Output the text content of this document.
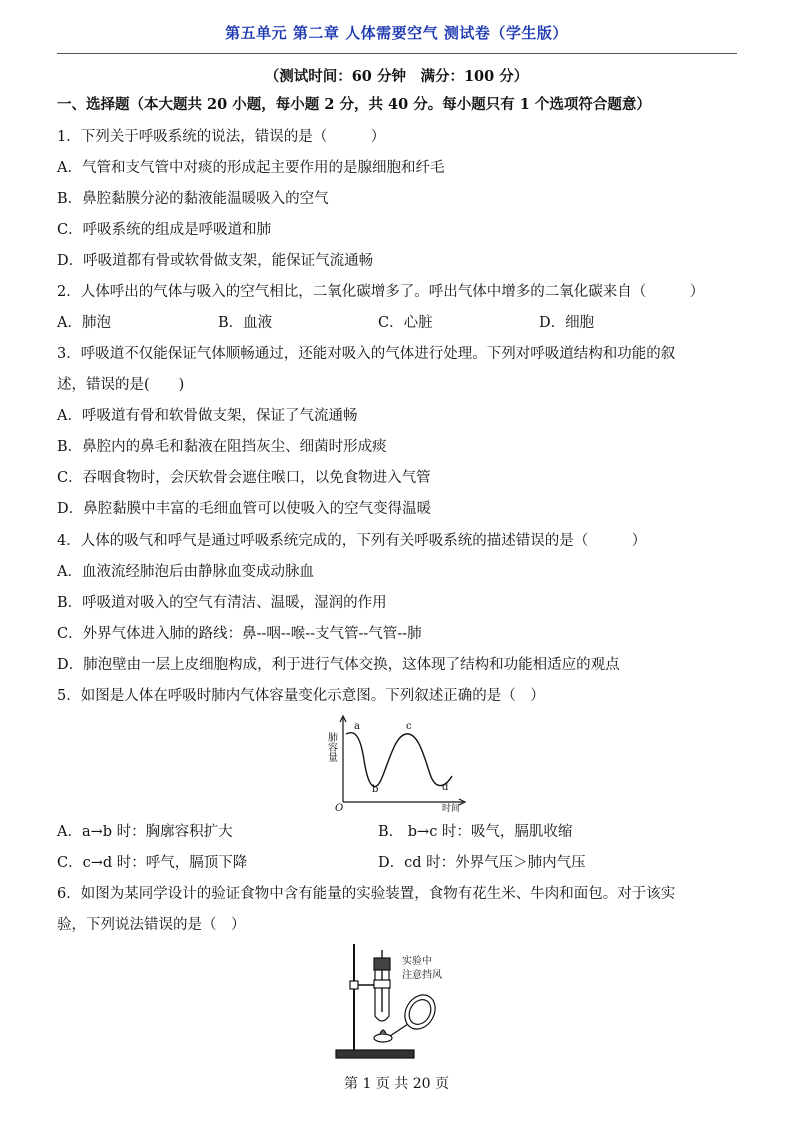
第五单元 第二章 人体需要空气 测试卷（学生版）
（测试时间：60 分钟　满分：100 分）
一、选择题（本大题共 20 小题，每小题 2 分，共 40 分。每小题只有 1 个选项符合题意）
1．下列关于呼吸系统的说法，错误的是（　　　）
A．气管和支气管中对痰的形成起主要作用的是腺细胞和纤毛
B．鼻腔黏膜分泌的黏液能温暖吸入的空气
C．呼吸系统的组成是呼吸道和肺
D．呼吸道都有骨或软骨做支架，能保证气流通畅
2．人体呼出的气体与吸入的空气相比，二氧化碳增多了。呼出气体中增多的二氧化碳来自（　　　）
A．肺泡	B．血液	C．心脏	D．细胞
3．呼吸道不仅能保证气体顺畅通过，还能对吸入的气体进行处理。下列对呼吸道结构和功能的叙
述，错误的是(　　)
A．呼吸道有骨和软骨做支架，保证了气流通畅
B．鼻腔内的鼻毛和黏液在阻挡灰尘、细菌时形成痰
C．吞咽食物时，会厌软骨会遮住喉口，以免食物进入气管
D．鼻腔黏膜中丰富的毛细血管可以使吸入的空气变得温暖
4．人体的吸气和呼气是通过呼吸系统完成的，下列有关呼吸系统的描述错误的是（　　　）
A．血液流经肺泡后由静脉血变成动脉血
B．呼吸道对吸入的空气有清洁、温暖，湿润的作用
C．外界气体进入肺的路线：鼻--咽--喉--支气管--气管--肺
D．肺泡壁由一层上皮细胞构成，利于进行气体交换，这体现了结构和功能相适应的观点
5．如图是人体在呼吸时肺内气体容量变化示意图。下列叙述正确的是（　）
肺容量
O	时间
a
b
c
d
A．a→b 时：胸廓容积扩大	B． b→c 时：吸气，膈肌收缩
C．c→d 时：呼气，膈顶下降	D．cd 时：外界气压＞肺内气压
6．如图为某同学设计的验证食物中含有能量的实验装置，食物有花生米、牛肉和面包。对于该实
验，下列说法错误的是（　）
实验中
注意挡风
第 1 页 共 20 页
